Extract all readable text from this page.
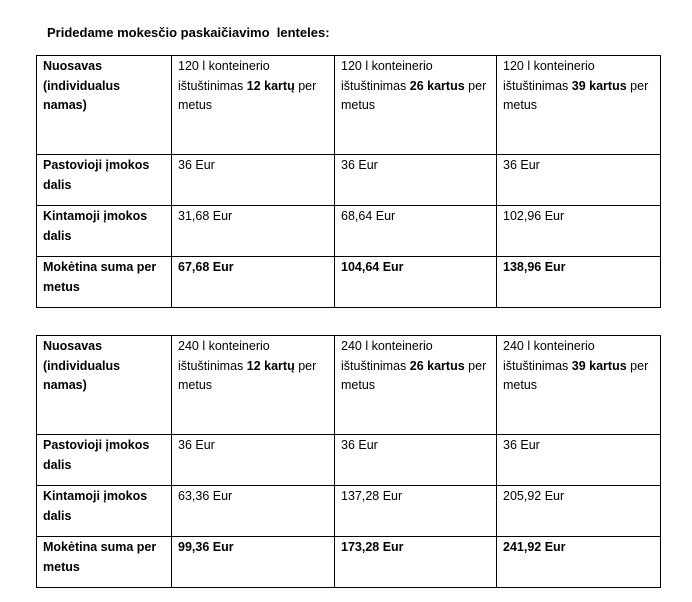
Pridedame mokesčio paskaičiavimo  lenteles:
Nuosavas (individualus namas)	120 l konteinerio ištuštinimas 12 kartų per metus	120 l konteinerio ištuštinimas 26 kartus per metus	120 l konteinerio ištuštinimas 39 kartus per metus
Pastovioji įmokos dalis	36 Eur	36 Eur	36 Eur
Kintamoji įmokos dalis	31,68 Eur	68,64 Eur	102,96 Eur
Mokėtina suma per metus	67,68 Eur	104,64 Eur	138,96 Eur
Nuosavas (individualus namas)	240 l konteinerio ištuštinimas 12 kartų per metus	240 l konteinerio ištuštinimas 26 kartus per metus	240 l konteinerio ištuštinimas 39 kartus per metus
Pastovioji įmokos dalis	36 Eur	36 Eur	36 Eur
Kintamoji įmokos dalis	63,36 Eur	137,28 Eur	205,92 Eur
Mokėtina suma per metus	99,36 Eur	173,28 Eur	241,92 Eur
